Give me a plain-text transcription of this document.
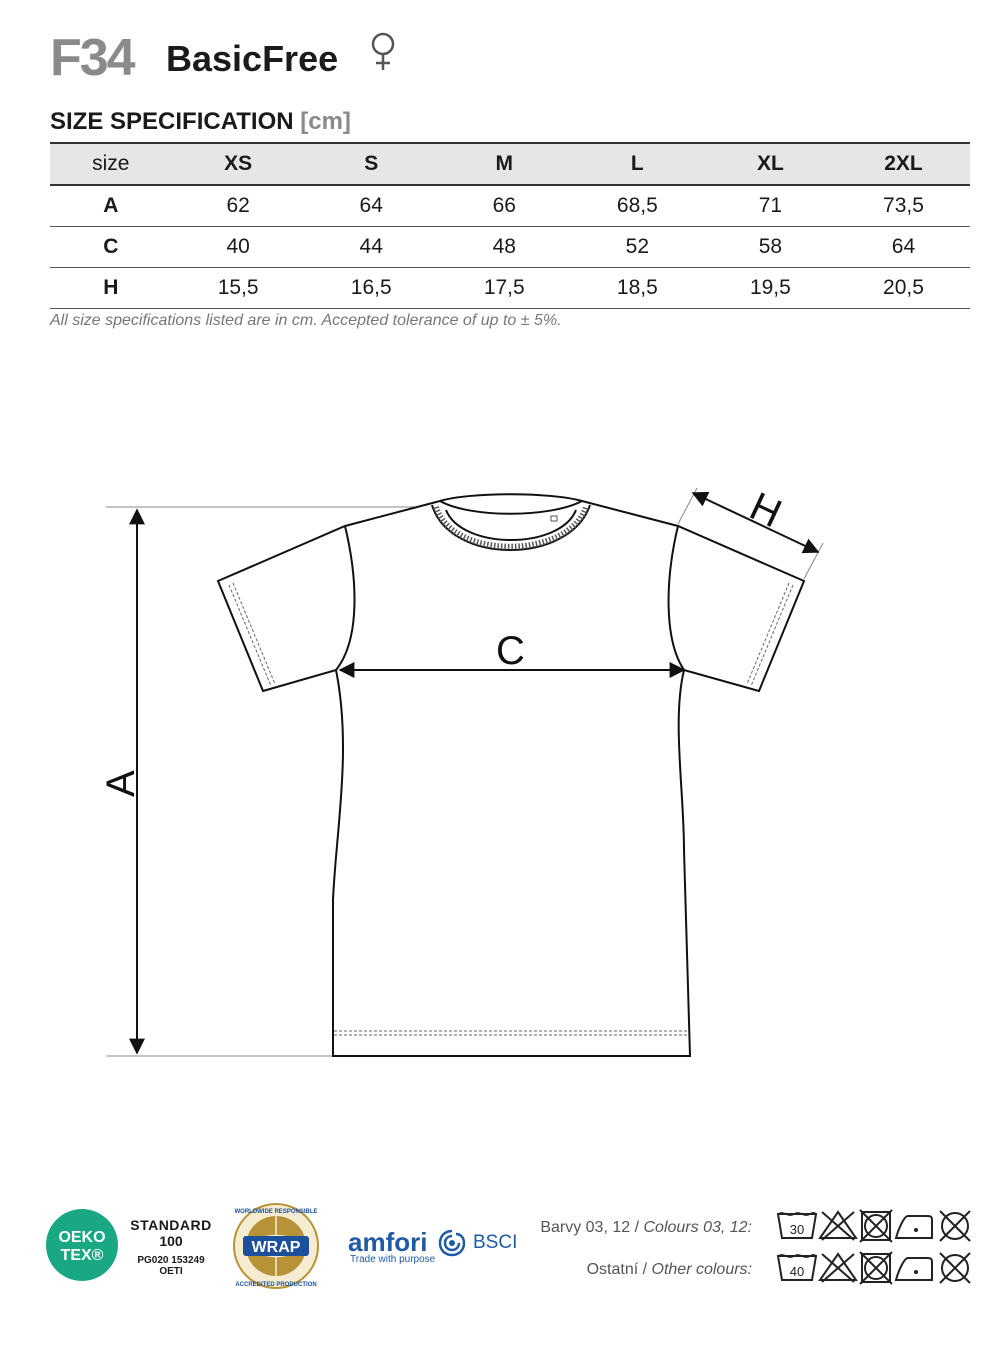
F34 BasicFree
SIZE SPECIFICATION [cm]
size	XS	S	M	L	XL	2XL
A	62	64	66	68,5	71	73,5
C	40	44	48	52	58	64
H	15,5	16,5	17,5	18,5	19,5	20,5
All size specifications listed are in cm. Accepted tolerance of up to ± 5%.
C
A
H
OEKO
TEX®
STANDARD
100
PG020 153249
OETI
WRAP
WORLDWIDE RESPONSIBLE
ACCREDITED PRODUCTION
amfori
Trade with purpose
BSCI
Barvy 03, 12 / Colours 03, 12:
Ostatní / Other colours:
30
40
